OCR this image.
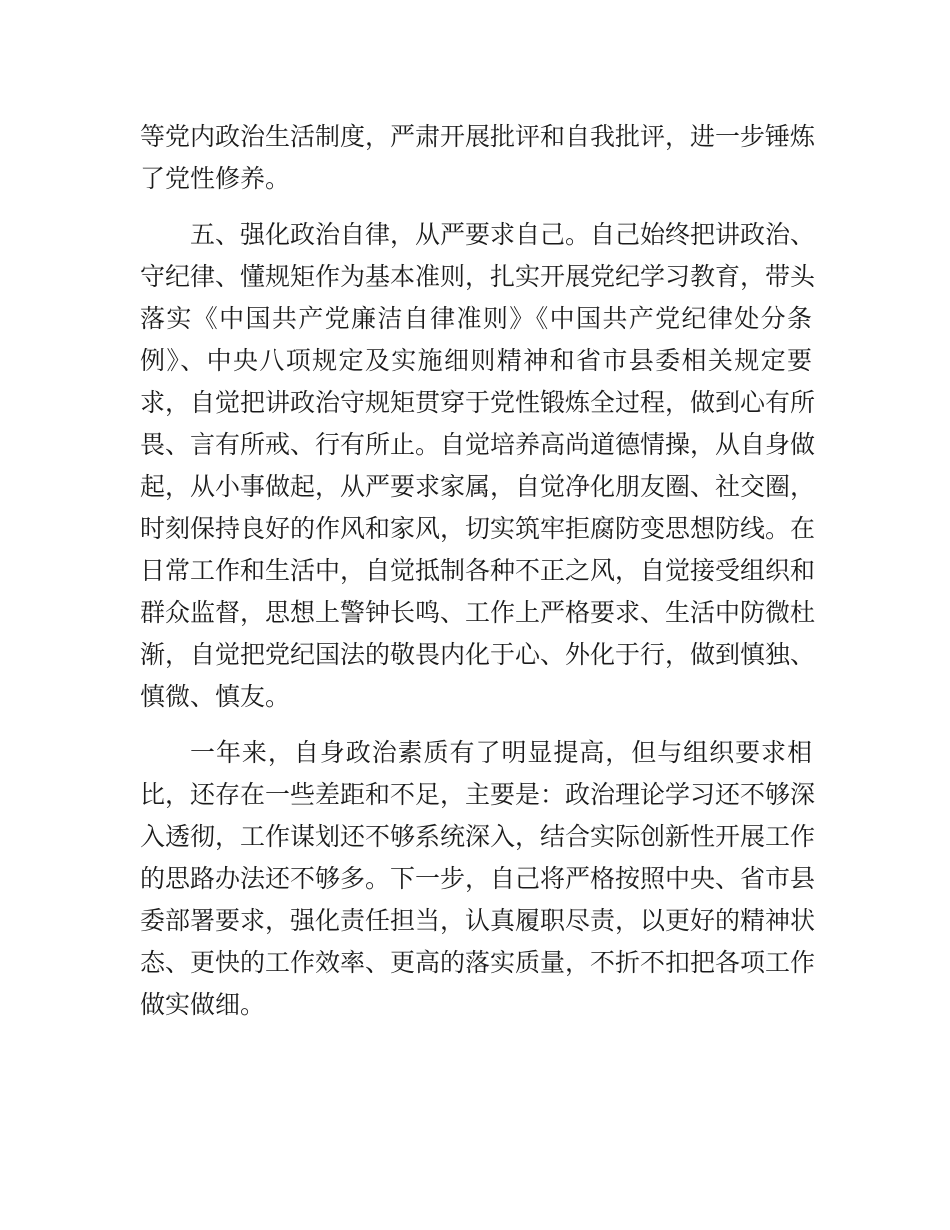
等党内政治生活制度，严肃开展批评和自我批评，进一步锤炼
了党性修养。
五、强化政治自律，从严要求自己。自己始终把讲政治、
守纪律、懂规矩作为基本准则，扎实开展党纪学习教育，带头
落实《中国共产党廉洁自律准则》《中国共产党纪律处分条
例》、中央八项规定及实施细则精神和省市县委相关规定要
求，自觉把讲政治守规矩贯穿于党性锻炼全过程，做到心有所
畏、言有所戒、行有所止。自觉培养高尚道德情操，从自身做
起，从小事做起，从严要求家属，自觉净化朋友圈、社交圈，
时刻保持良好的作风和家风，切实筑牢拒腐防变思想防线。在
日常工作和生活中，自觉抵制各种不正之风，自觉接受组织和
群众监督，思想上警钟长鸣、工作上严格要求、生活中防微杜
渐，自觉把党纪国法的敬畏内化于心、外化于行，做到慎独、
慎微、慎友。
一年来，自身政治素质有了明显提高，但与组织要求相
比，还存在一些差距和不足，主要是：政治理论学习还不够深
入透彻，工作谋划还不够系统深入，结合实际创新性开展工作
的思路办法还不够多。下一步，自己将严格按照中央、省市县
委部署要求，强化责任担当，认真履职尽责，以更好的精神状
态、更快的工作效率、更高的落实质量，不折不扣把各项工作
做实做细。
